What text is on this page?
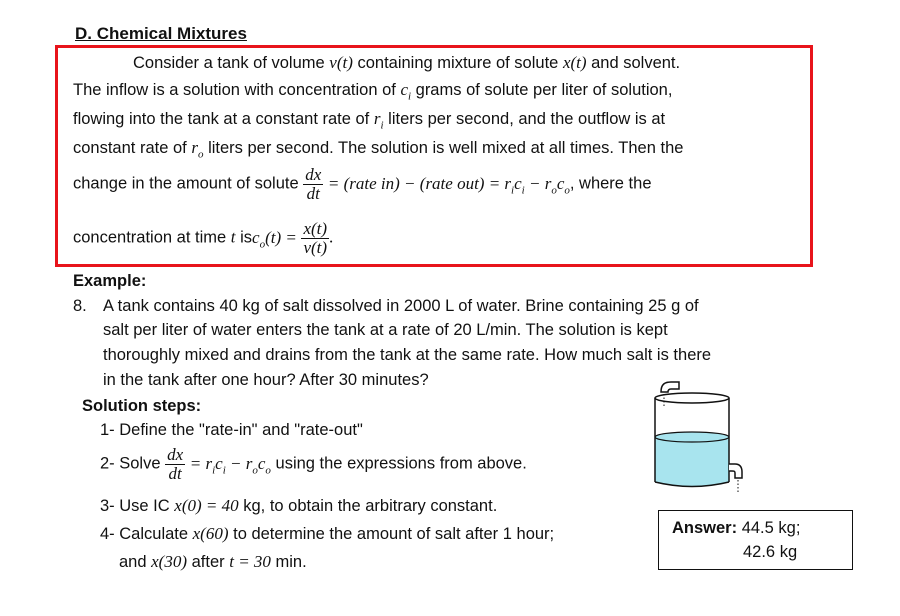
D. Chemical Mixtures
Consider a tank of volume v(t) containing mixture of solute x(t) and solvent.
The inflow is a solution with concentration of $c_i$ grams of solute per liter of solution,
flowing into the tank at a constant rate of $r_i$ liters per second, and the outflow is at
constant rate of $r_o$ liters per second. The solution is well mixed at all times. Then the
change in the amount of solute $\frac{dx}{dt}$ = (rate in) − (rate $out) = r_ic_i - r_oc_o$, where the
concentration at time t $isc_o(t) = \frac{x(t)}{v(t)}$ .
Example:
8. A tank contains 40 kg of salt dissolved in 2000 L of water. Brine containing 25 g of
salt per liter of water enters the tank at a rate of 20 L/min. The solution is kept
thoroughly mixed and drains from the tank at the same rate. How much salt is there
in the tank after one hour? After 30 minutes?
Solution steps:
1- Define the "rate-in" and "rate-out"
2- Solve $\frac{dx}{dt} = r_ic_i - r_oc_o$ using the expressions from above.
3- Use IC x(0) = 40 kg, to obtain the arbitrary constant.
4- Calculate x(60) to determine the amount of salt after 1 hour;
and x(30) after t = 30 min.
Answer: 44.5 kg;
42.6 kg
